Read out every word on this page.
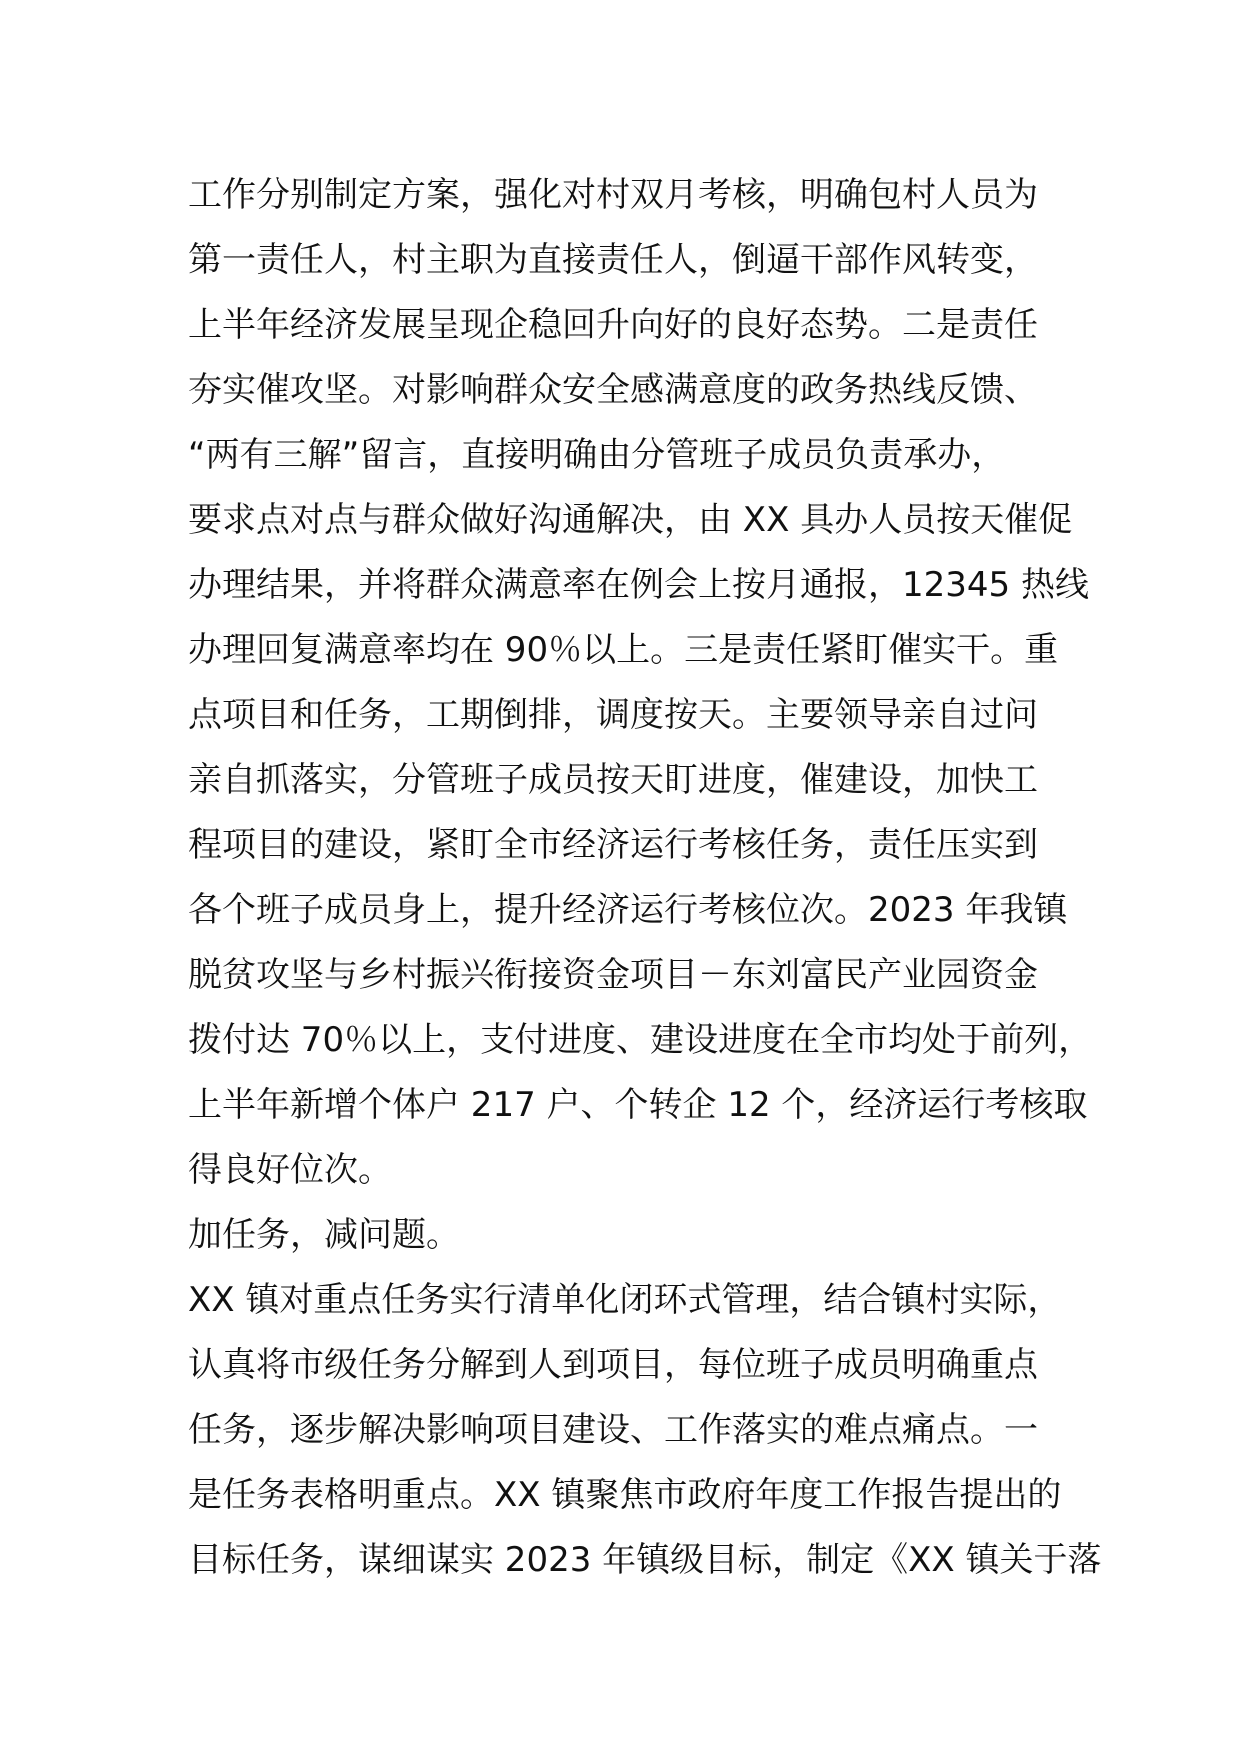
工作分别制定方案，强化对村双月考核，明确包村人员为
第一责任人，村主职为直接责任人，倒逼干部作风转变，
上半年经济发展呈现企稳回升向好的良好态势。二是责任
夯实催攻坚。对影响群众安全感满意度的政务热线反馈、
“两有三解”留言，直接明确由分管班子成员负责承办，
要求点对点与群众做好沟通解决，由 XX 具办人员按天催促
办理结果，并将群众满意率在例会上按月通报，12345 热线
办理回复满意率均在 90％以上。三是责任紧盯催实干。重
点项目和任务，工期倒排，调度按天。主要领导亲自过问
亲自抓落实，分管班子成员按天盯进度，催建设，加快工
程项目的建设，紧盯全市经济运行考核任务，责任压实到
各个班子成员身上，提升经济运行考核位次。2023 年我镇
脱贫攻坚与乡村振兴衔接资金项目－东刘富民产业园资金
拨付达 70％以上，支付进度、建设进度在全市均处于前列，
上半年新增个体户 217 户、个转企 12 个，经济运行考核取
得良好位次。
加任务，减问题。
XX 镇对重点任务实行清单化闭环式管理，结合镇村实际，
认真将市级任务分解到人到项目，每位班子成员明确重点
任务，逐步解决影响项目建设、工作落实的难点痛点。一
是任务表格明重点。XX 镇聚焦市政府年度工作报告提出的
目标任务，谋细谋实 2023 年镇级目标，制定《XX 镇关于落
